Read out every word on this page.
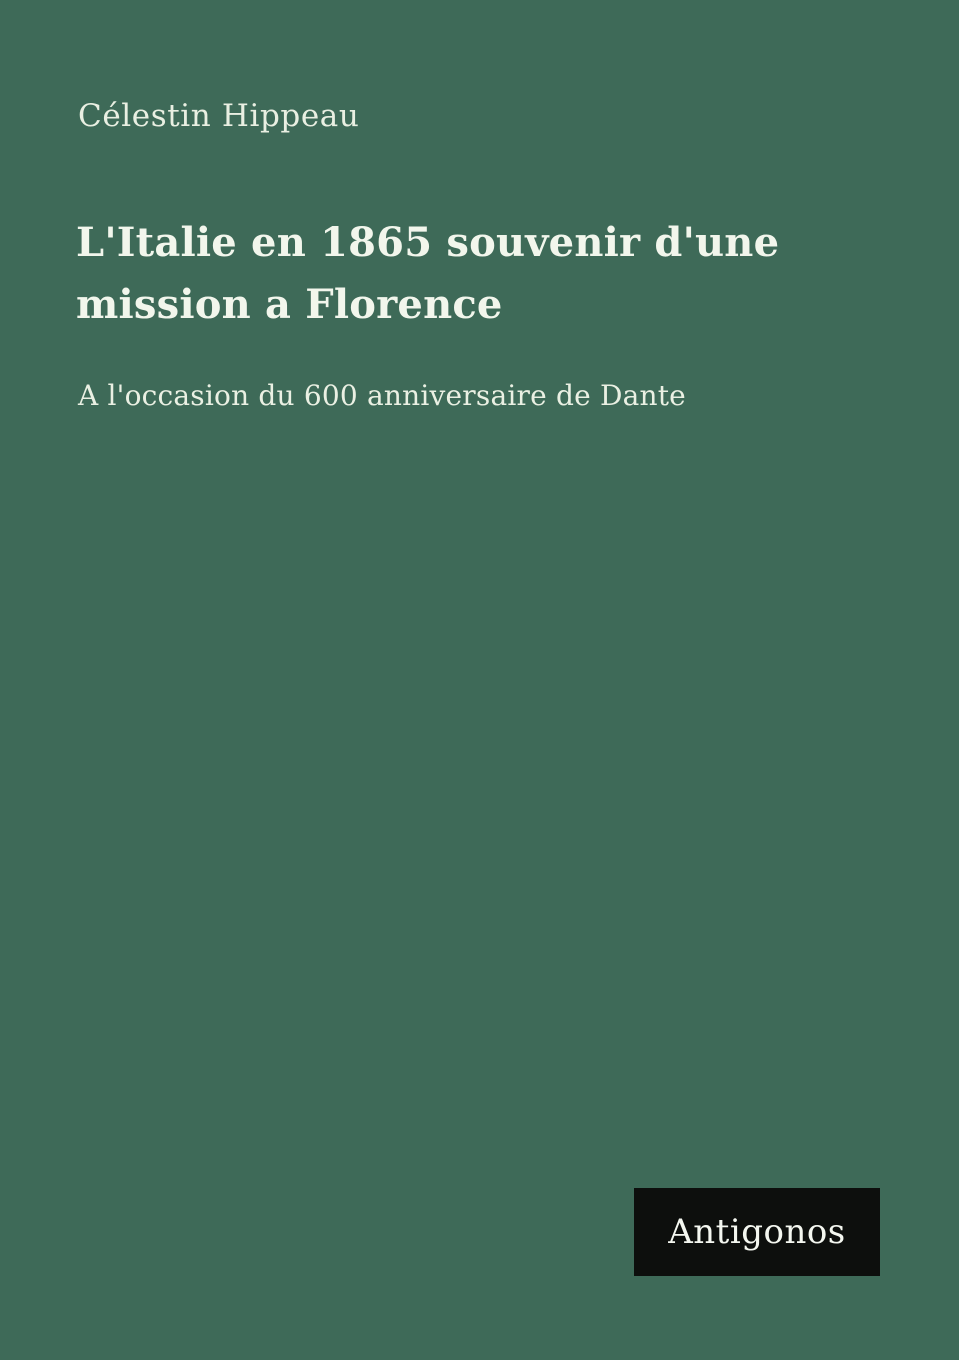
Célestin Hippeau
L'Italie en 1865 souvenir d'une mission a Florence
A l'occasion du 600 anniversaire de Dante
Antigonos
